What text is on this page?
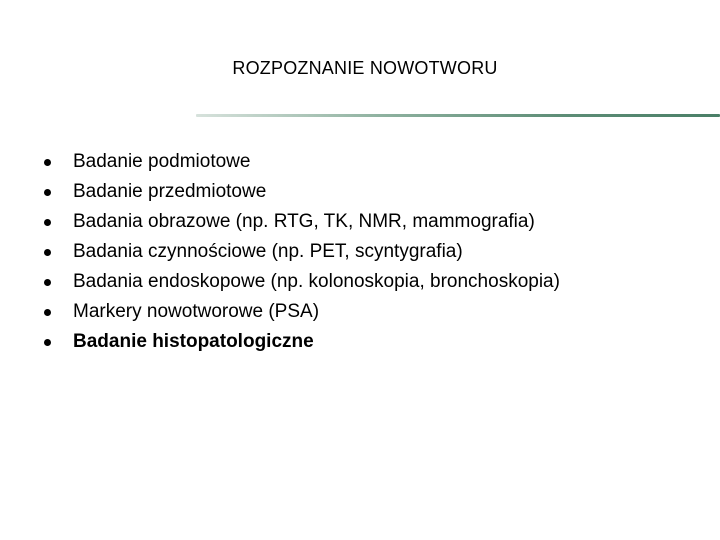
ROZPOZNANIE NOWOTWORU
Badanie podmiotowe
Badanie przedmiotowe
Badania obrazowe (np. RTG, TK, NMR, mammografia)
Badania czynnościowe (np. PET, scyntygrafia)
Badania endoskopowe (np. kolonoskopia, bronchoskopia)
Markery nowotworowe (PSA)
Badanie histopatologiczne
